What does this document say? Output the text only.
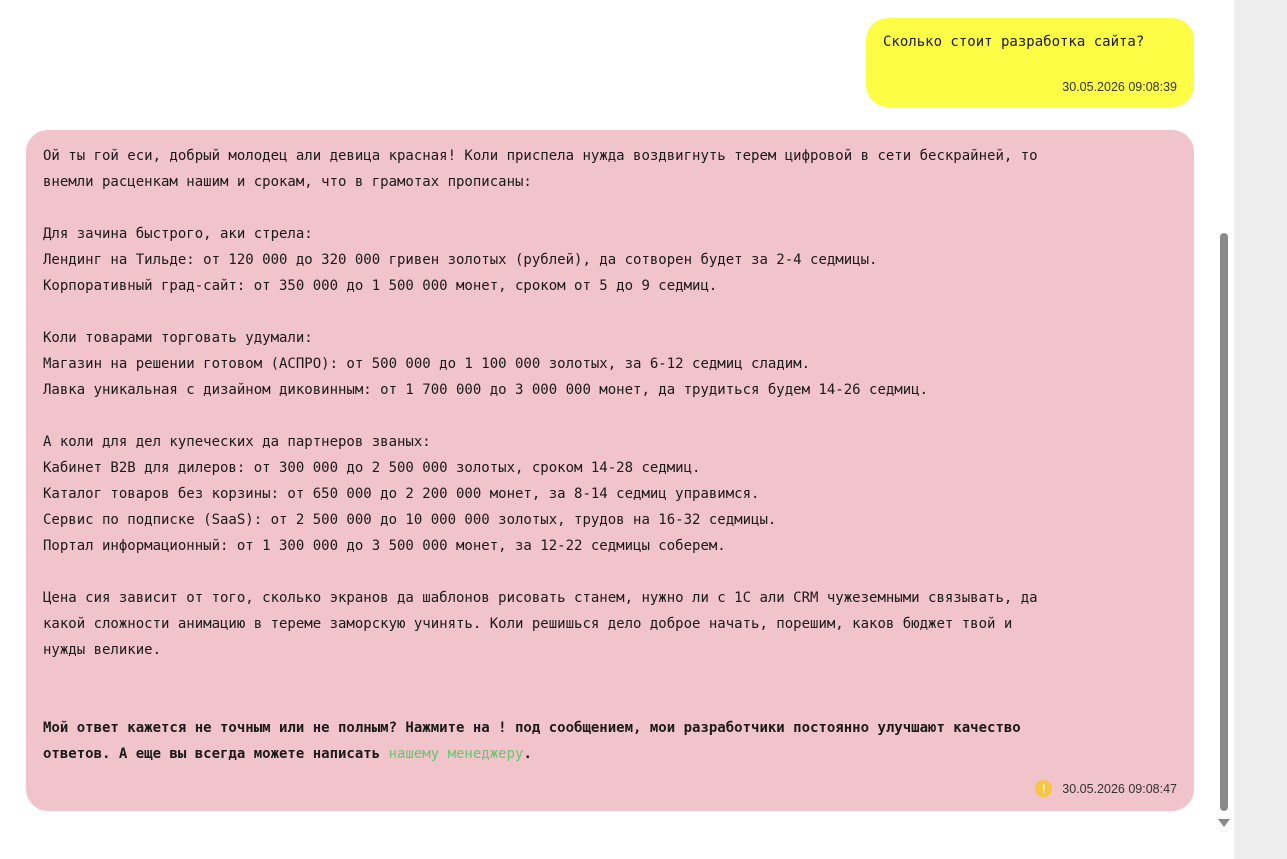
Сколько стоит разработка сайта?
30.05.2026 09:08:39
Ой ты гой еси, добрый молодец али девица красная! Коли приспела нужда воздвигнуть терем цифровой в сети бескрайней, то
внемли расценкам нашим и срокам, что в грамотах прописаны:
Для зачина быстрого, аки стрела:
Лендинг на Тильде: от 120 000 до 320 000 гривен золотых (рублей), да сотворен будет за 2-4 седмицы.
Корпоративный град-сайт: от 350 000 до 1 500 000 монет, сроком от 5 до 9 седмиц.
Коли товарами торговать удумали:
Магазин на решении готовом (АСПРО): от 500 000 до 1 100 000 золотых, за 6-12 седмиц сладим.
Лавка уникальная с дизайном диковинным: от 1 700 000 до 3 000 000 монет, да трудиться будем 14-26 седмиц.
А коли для дел купеческих да партнеров званых:
Кабинет B2B для дилеров: от 300 000 до 2 500 000 золотых, сроком 14-28 седмиц.
Каталог товаров без корзины: от 650 000 до 2 200 000 монет, за 8-14 седмиц управимся.
Сервис по подписке (SaaS): от 2 500 000 до 10 000 000 золотых, трудов на 16-32 седмицы.
Портал информационный: от 1 300 000 до 3 500 000 монет, за 12-22 седмицы соберем.
Цена сия зависит от того, сколько экранов да шаблонов рисовать станем, нужно ли с 1С али CRM чужеземными связывать, да
какой сложности анимацию в тереме заморскую учинять. Коли решишься дело доброе начать, порешим, каков бюджет твой и
нужды великие.
Мой ответ кажется не точным или не полным? Нажмите на ! под сообщением, мои разработчики постоянно улучшают качество
ответов. А еще вы всегда можете написать нашему менеджеру.
!	30.05.2026 09:08:47
